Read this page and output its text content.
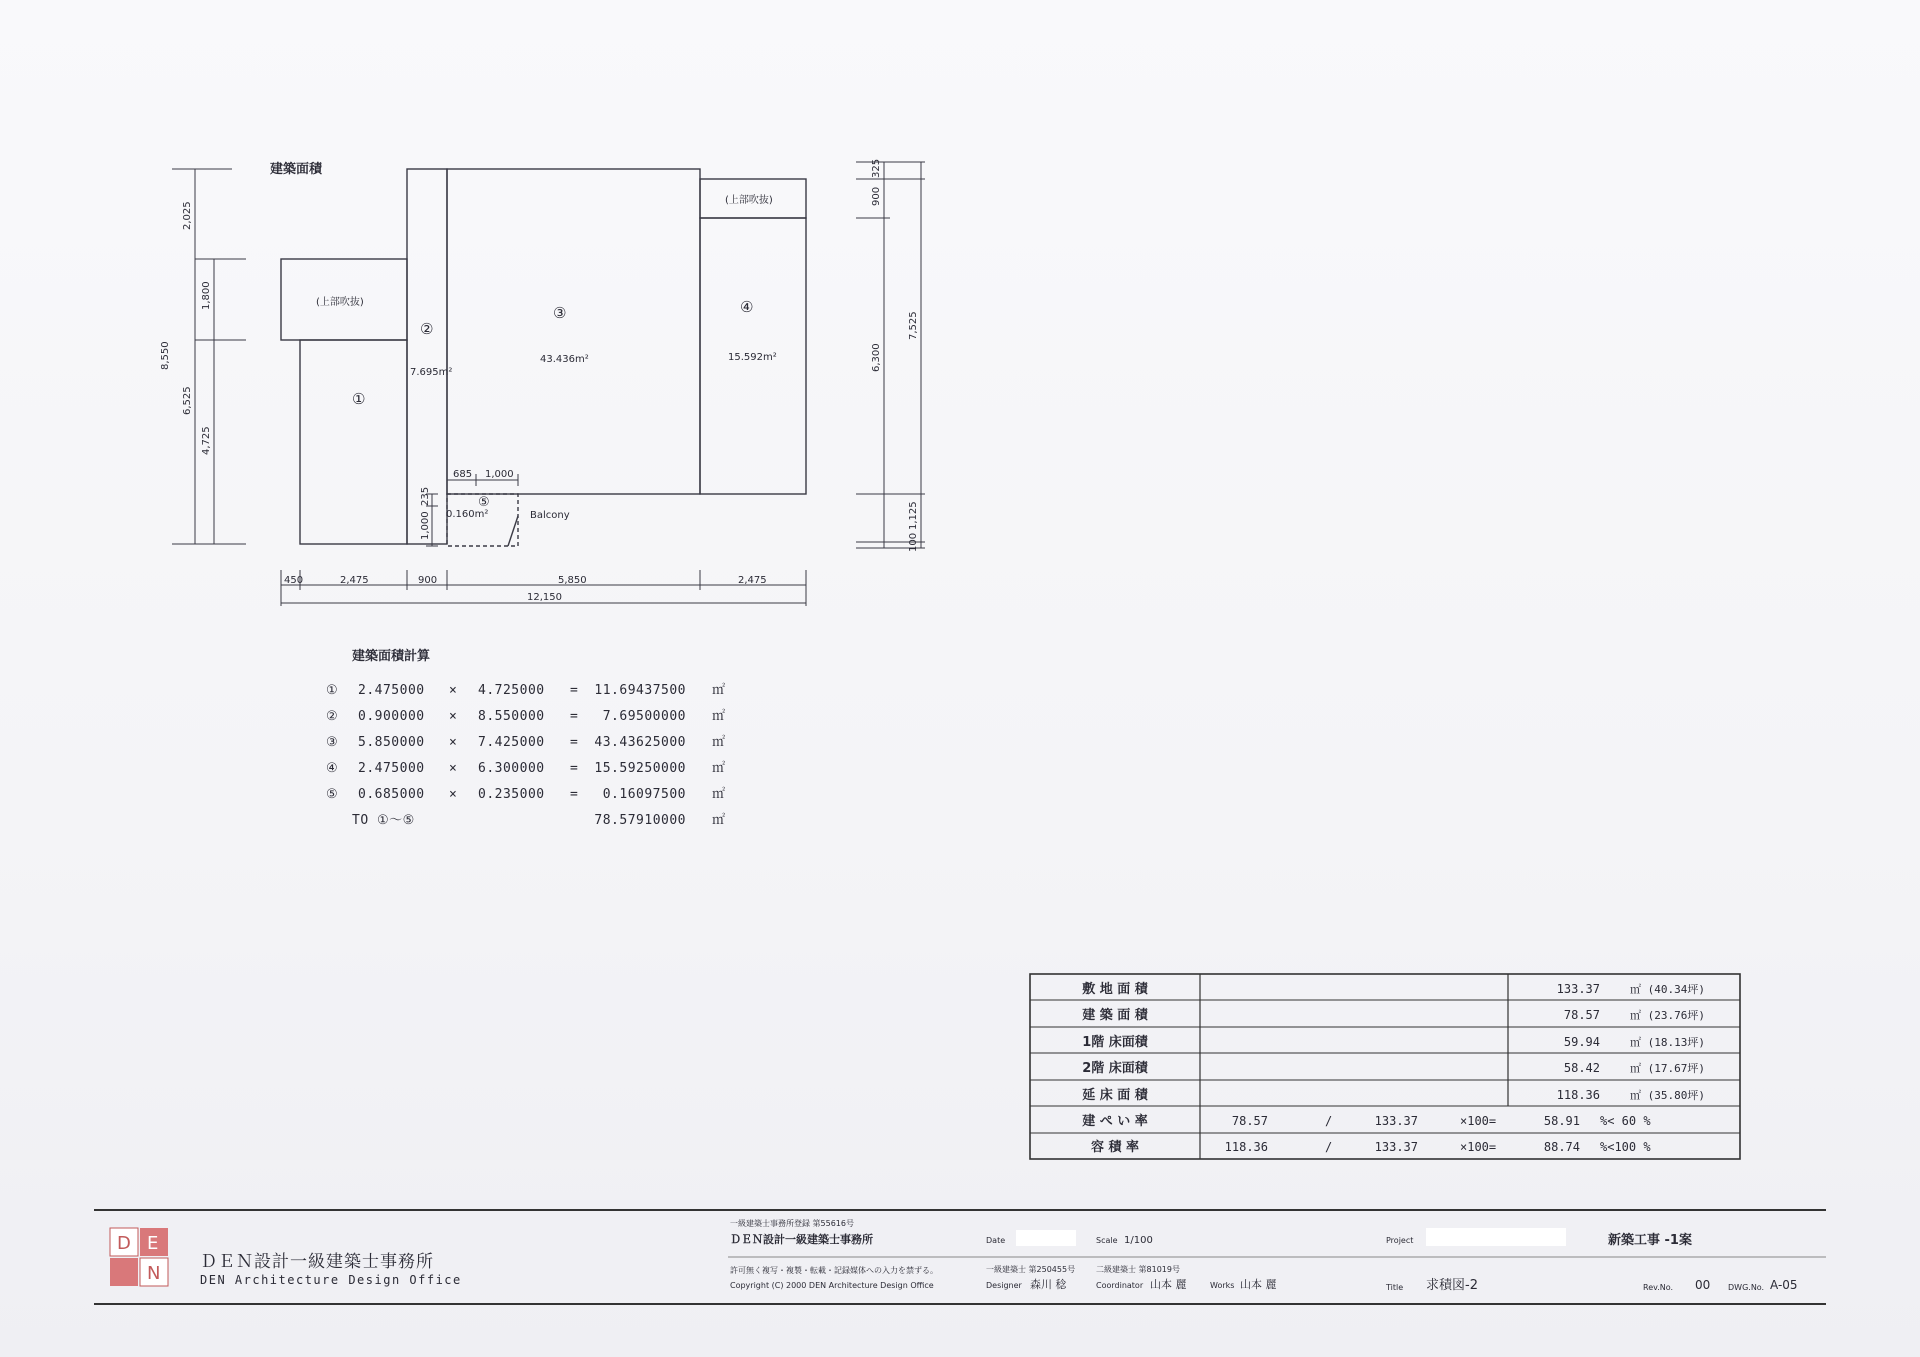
建築面積
①
②
7.695m²
③
43.436m²
④
15.592m²
⑤
0.160m²
(上部吹抜)
(上部吹抜)
Balcony
2,025
1,800
4,725
6,525
8,550
325
900
6,300
100
1,125
7,525
450	2,475	900	5,850	2,475
12,150
685 1,000
235
1,000
建築面積計算
① 2.475000 × 4.725000 = 11.69437500 ㎡
② 0.900000 × 8.550000 = 7.69500000 ㎡
③ 5.850000 × 7.425000 = 43.43625000 ㎡
④ 2.475000 × 6.300000 = 15.59250000 ㎡
⑤ 0.685000 × 0.235000 = 0.16097500 ㎡
TO ①～⑤	78.57910000 ㎡
敷 地 面 積	133.37	㎡ (40.34坪)
建 築 面 積	78.57	㎡ (23.76坪)
1階 床面積	59.94	㎡ (18.13坪)
2階 床面積	58.42	㎡ (17.67坪)
延 床 面 積	118.36	㎡ (35.80坪)
建 ぺ い 率	78.57	/	133.37	×100=	58.91 %< 60 %
容 積 率	118.36	/	133.37	×100=	88.74 %<100 %
D E
N
ＤＥＮ設計一級建築士事務所
DEN Architecture Design Office
一級建築士事務所登録 第55616号
ＤＥＮ設計一級建築士事務所
許可無く複写・複製・転載・記録媒体への入力を禁ずる。
Copyright (C) 2000 DEN Architecture Design Office
Date	Scale 1/100
一級建築士 第250455号	二級建築士 第81019号
Designer 森川 稔	Coordinator 山本 麗	Works 山本 麗
Project	新築工事 -1案
Title 求積図-2	Rev.No. 00 DWG.No. A-05
